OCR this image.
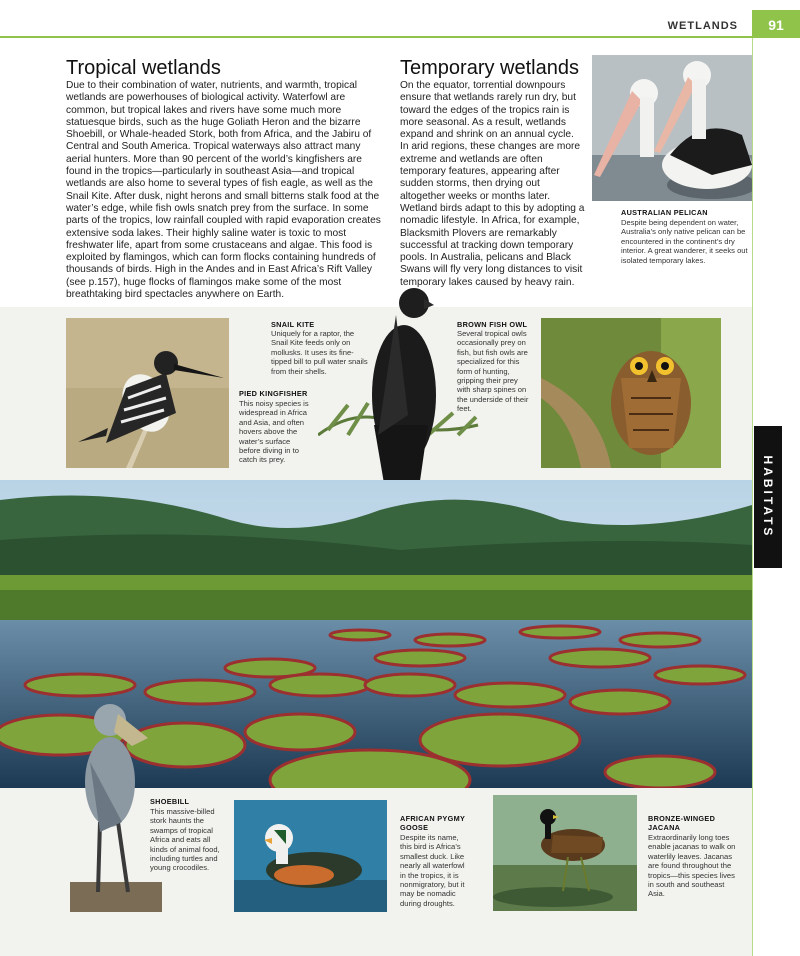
WETLANDS	91
HABITATS
Tropical wetlands
Due to their combination of water, nutrients, and warmth, tropical wetlands are powerhouses of biological activity. Waterfowl are common, but tropical lakes and rivers have some much more statuesque birds, such as the huge Goliath Heron and the bizarre Shoebill, or Whale-headed Stork, both from Africa, and the Jabiru of Central and South America. Tropical waterways also attract many aerial hunters. More than 90 percent of the world’s kingfishers are found in the tropics—particularly in southeast Asia—and tropical wetlands are also home to several types of fish eagle, as well as the Snail Kite. After dusk, night herons and small bitterns stalk food at the water’s edge, while fish owls snatch prey from the surface. In some parts of the tropics, low rainfall coupled with rapid evaporation creates extensive soda lakes. Their highly saline water is toxic to most freshwater life, apart from some crustaceans and algae. This food is exploited by flamingos, which can form flocks containing hundreds of thousands of birds. High in the Andes and in East Africa’s Rift Valley (see p.157), huge flocks of flamingos make some of the most breathtaking bird spectacles anywhere on Earth.
Temporary wetlands
On the equator, torrential downpours ensure that wetlands rarely run dry, but toward the edges of the tropics rain is more seasonal. As a result, wetlands expand and shrink on an annual cycle. In arid regions, these changes are more extreme and wetlands are often temporary features, appearing after sudden storms, then drying out altogether weeks or months later. Wetland birds adapt to this by adopting a nomadic lifestyle. In Africa, for example, Blacksmith Plovers are remarkably successful at tracking down temporary pools. In Australia, pelicans and Black Swans will fly very long distances to visit temporary lakes caused by heavy rain.
AUSTRALIAN PELICAN
Despite being dependent on water, Australia’s only native pelican can be encountered in the continent’s dry interior. A great wanderer, it seeks out isolated temporary lakes.
SNAIL KITE
Uniquely for a raptor, the Snail Kite feeds only on mollusks. It uses its fine-tipped bill to pull water snails from their shells.
PIED KINGFISHER
This noisy species is widespread in Africa and Asia, and often hovers above the water’s surface before diving in to catch its prey.
BROWN FISH OWL
Several tropical owls occasionally prey on fish, but fish owls are specialized for this form of hunting, gripping their prey with sharp spines on the underside of their feet.
SHOEBILL
This massive-billed stork haunts the swamps of tropical Africa and eats all kinds of animal food, including turtles and young crocodiles.
AFRICAN PYGMY GOOSE
Despite its name, this bird is Africa’s smallest duck. Like nearly all waterfowl in the tropics, it is nonmigratory, but it may be nomadic during droughts.
BRONZE-WINGED JACANA
Extraordinarily long toes enable jacanas to walk on waterlily leaves. Jacanas are found throughout the tropics—this species lives in south and southeast Asia.
